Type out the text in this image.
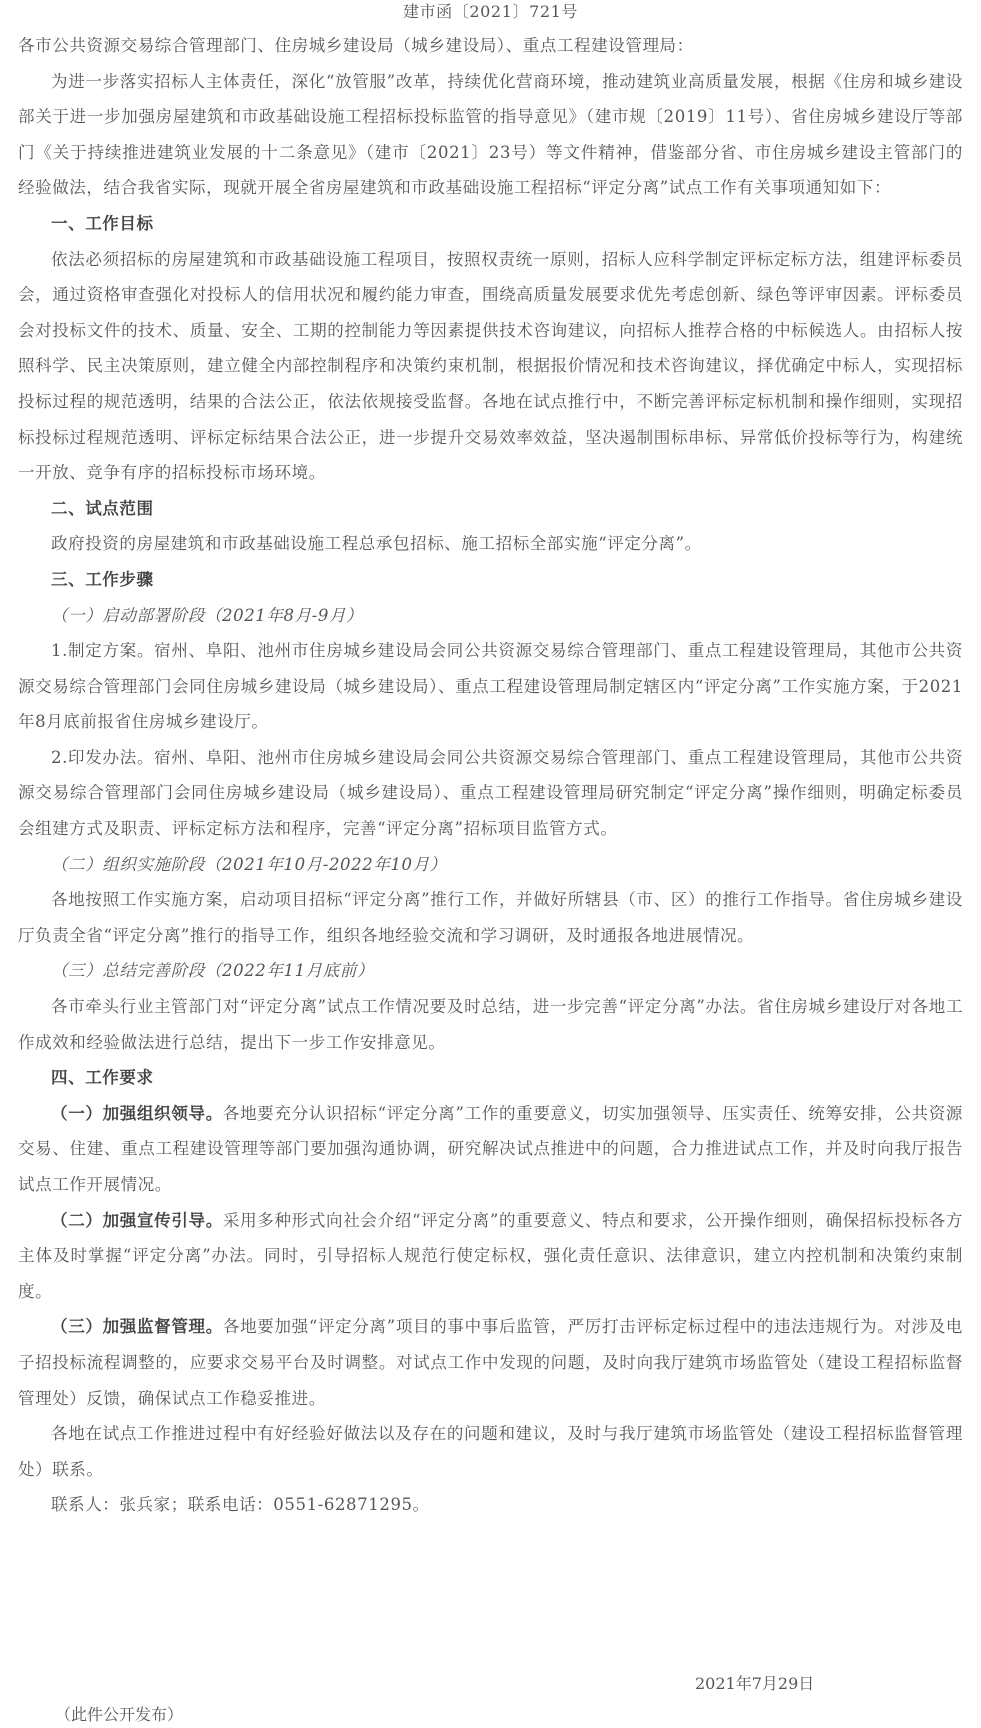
建市函〔2021〕721号

各市公共资源交易综合管理部门、住房城乡建设局（城乡建设局）、重点工程建设管理局：

为进一步落实招标人主体责任，深化“放管服”改革，持续优化营商环境，推动建筑业高质量发展，根据《住房和城乡建设部关于进一步加强房屋建筑和市政基础设施工程招标投标监管的指导意见》（建市规〔2019〕11号）、省住房城乡建设厅等部门《关于持续推进建筑业发展的十二条意见》（建市〔2021〕23号）等文件精神，借鉴部分省、市住房城乡建设主管部门的经验做法，结合我省实际，现就开展全省房屋建筑和市政基础设施工程招标“评定分离”试点工作有关事项通知如下：

一、工作目标

依法必须招标的房屋建筑和市政基础设施工程项目，按照权责统一原则，招标人应科学制定评标定标方法，组建评标委员会，通过资格审查强化对投标人的信用状况和履约能力审查，围绕高质量发展要求优先考虑创新、绿色等评审因素。评标委员会对投标文件的技术、质量、安全、工期的控制能力等因素提供技术咨询建议，向招标人推荐合格的中标候选人。由招标人按照科学、民主决策原则，建立健全内部控制程序和决策约束机制，根据报价情况和技术咨询建议，择优确定中标人，实现招标投标过程的规范透明，结果的合法公正，依法依规接受监督。各地在试点推行中，不断完善评标定标机制和操作细则，实现招标投标过程规范透明、评标定标结果合法公正，进一步提升交易效率效益，坚决遏制围标串标、异常低价投标等行为，构建统一开放、竞争有序的招标投标市场环境。

二、试点范围

政府投资的房屋建筑和市政基础设施工程总承包招标、施工招标全部实施“评定分离”。

三、工作步骤

（一）启动部署阶段（2021年8月-9月）

1.制定方案。宿州、阜阳、池州市住房城乡建设局会同公共资源交易综合管理部门、重点工程建设管理局，其他市公共资源交易综合管理部门会同住房城乡建设局（城乡建设局）、重点工程建设管理局制定辖区内“评定分离”工作实施方案，于2021年8月底前报省住房城乡建设厅。

2.印发办法。宿州、阜阳、池州市住房城乡建设局会同公共资源交易综合管理部门、重点工程建设管理局，其他市公共资源交易综合管理部门会同住房城乡建设局（城乡建设局）、重点工程建设管理局研究制定“评定分离”操作细则，明确定标委员会组建方式及职责、评标定标方法和程序，完善“评定分离”招标项目监管方式。

（二）组织实施阶段（2021年10月-2022年10月）

各地按照工作实施方案，启动项目招标“评定分离”推行工作，并做好所辖县（市、区）的推行工作指导。省住房城乡建设厅负责全省“评定分离”推行的指导工作，组织各地经验交流和学习调研，及时通报各地进展情况。

（三）总结完善阶段（2022年11月底前）

各市牵头行业主管部门对“评定分离”试点工作情况要及时总结，进一步完善“评定分离”办法。省住房城乡建设厅对各地工作成效和经验做法进行总结，提出下一步工作安排意见。

四、工作要求

（一）加强组织领导。各地要充分认识招标“评定分离”工作的重要意义，切实加强领导、压实责任、统筹安排，公共资源交易、住建、重点工程建设管理等部门要加强沟通协调，研究解决试点推进中的问题，合力推进试点工作，并及时向我厅报告试点工作开展情况。

（二）加强宣传引导。采用多种形式向社会介绍“评定分离”的重要意义、特点和要求，公开操作细则，确保招标投标各方主体及时掌握“评定分离”办法。同时，引导招标人规范行使定标权，强化责任意识、法律意识，建立内控机制和决策约束制度。

（三）加强监督管理。各地要加强“评定分离”项目的事中事后监管，严厉打击评标定标过程中的违法违规行为。对涉及电子招投标流程调整的，应要求交易平台及时调整。对试点工作中发现的问题，及时向我厅建筑市场监管处（建设工程招标监督管理处）反馈，确保试点工作稳妥推进。

各地在试点工作推进过程中有好经验好做法以及存在的问题和建议，及时与我厅建筑市场监管处（建设工程招标监督管理处）联系。

联系人：张兵家；联系电话：0551-62871295。

2021年7月29日
（此件公开发布）
